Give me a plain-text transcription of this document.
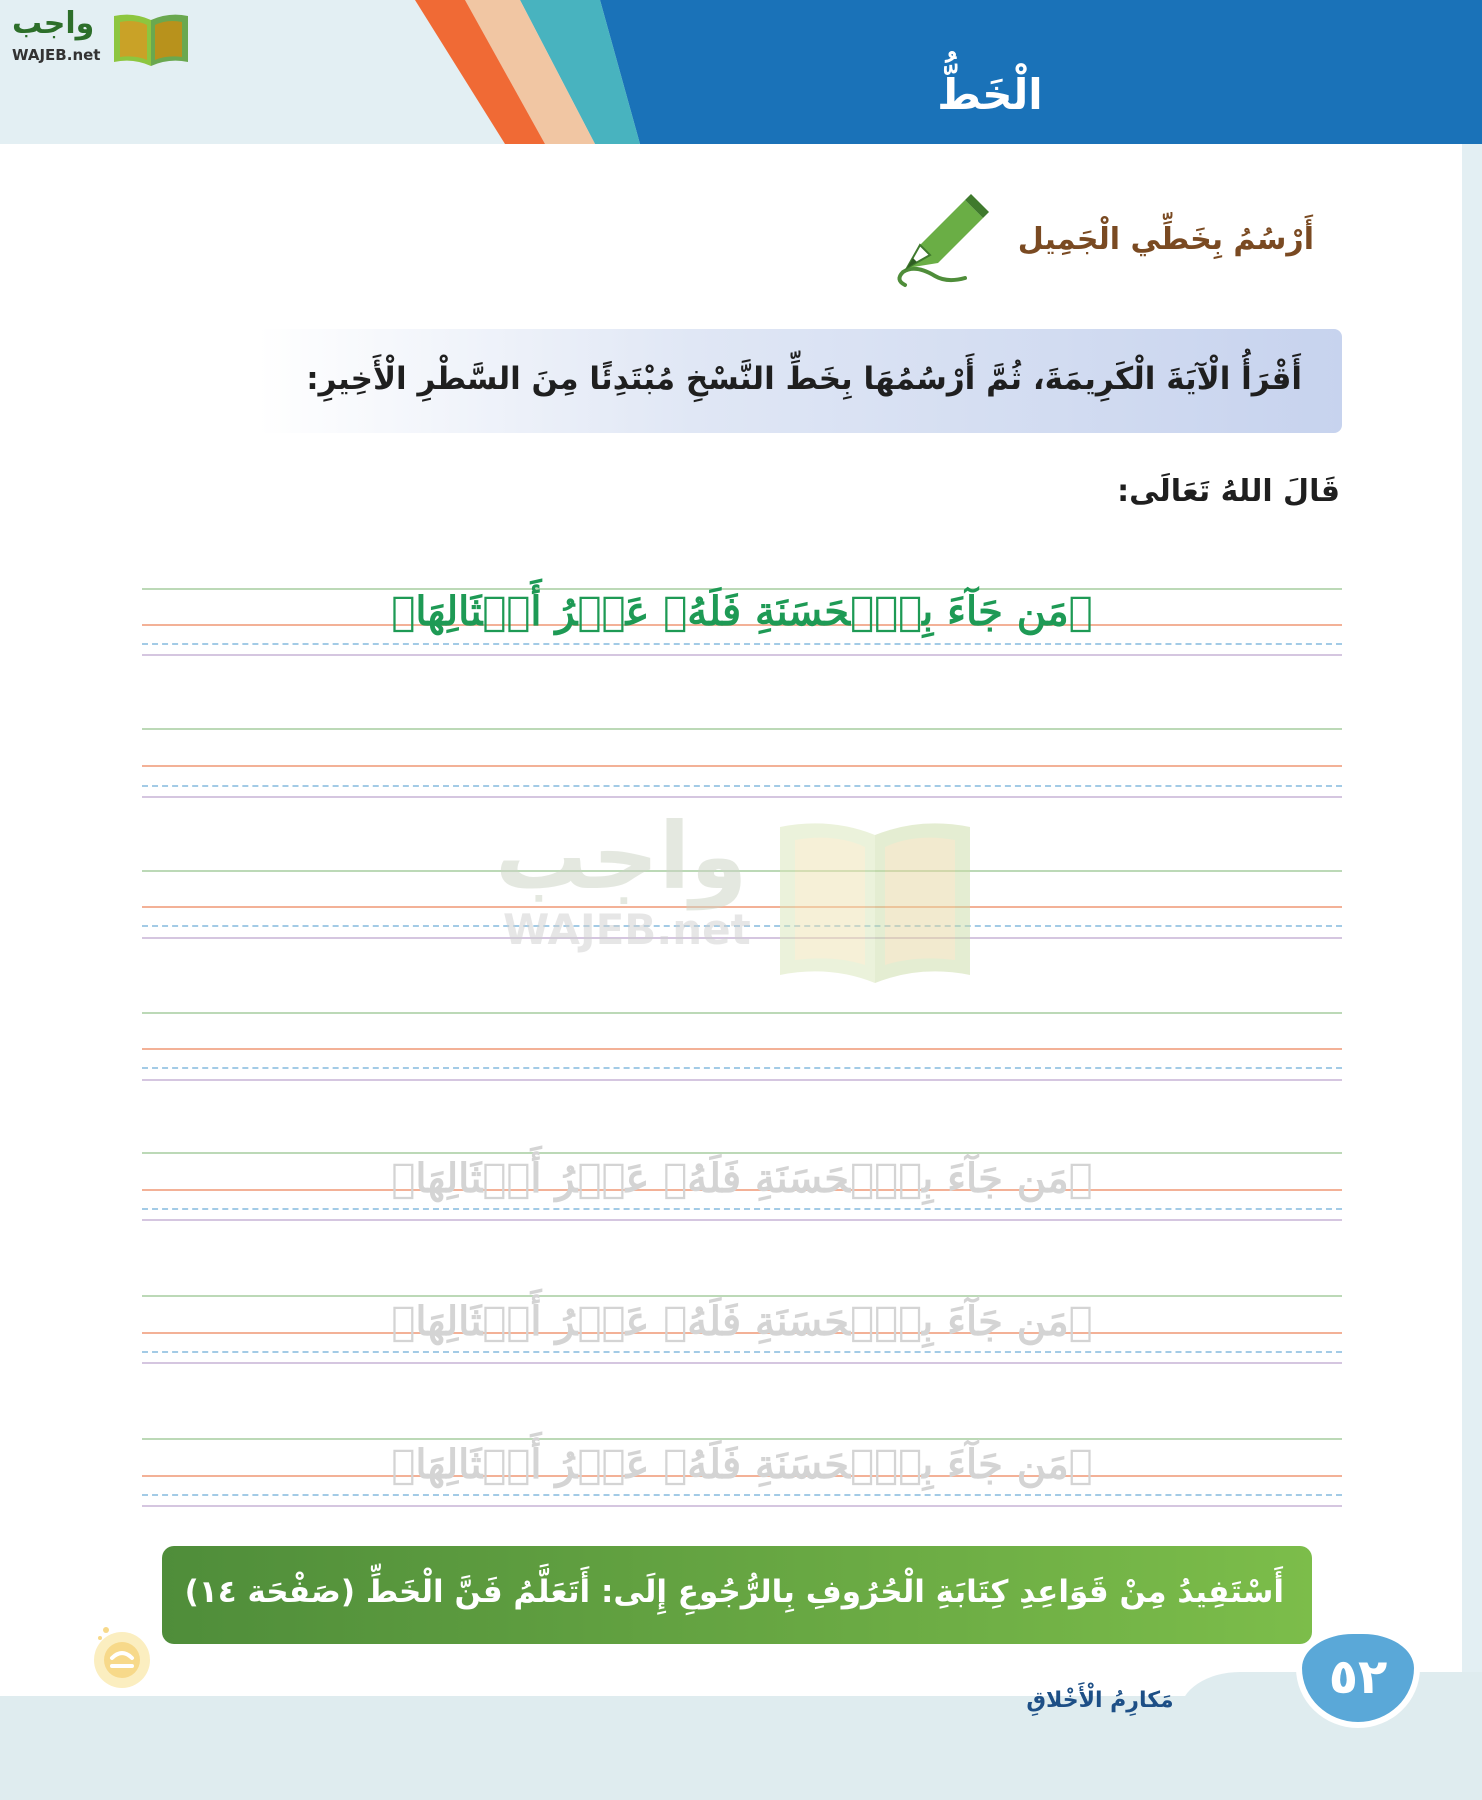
الْخَطُّ
واجب
WAJEB.net
أَرْسُمُ بِخَطِّي الْجَمِيل
أَقْرَأُ الْآيَةَ الْكَرِيمَةَ، ثُمَّ أَرْسُمُهَا بِخَطِّ النَّسْخِ مُبْتَدِئًا مِنَ السَّطْرِ الْأَخِيرِ:
قَالَ اللهُ تَعَالَى:
﴿مَن جَآءَ بِٱلۡحَسَنَةِ فَلَهُۥ عَشۡرُ أَمۡثَالِهَا﴾
﴿مَن جَآءَ بِٱلۡحَسَنَةِ فَلَهُۥ عَشۡرُ أَمۡثَالِهَا﴾
﴿مَن جَآءَ بِٱلۡحَسَنَةِ فَلَهُۥ عَشۡرُ أَمۡثَالِهَا﴾
﴿مَن جَآءَ بِٱلۡحَسَنَةِ فَلَهُۥ عَشۡرُ أَمۡثَالِهَا﴾
واجب
WAJEB.net
أَسْتَفِيدُ مِنْ قَوَاعِدِ كِتَابَةِ الْحُرُوفِ بِالرُّجُوعِ إِلَى: أَتَعَلَّمُ فَنَّ الْخَطِّ (صَفْحَة ١٤)
مَكارِمُ الْأَخْلاقِ	٥٢
